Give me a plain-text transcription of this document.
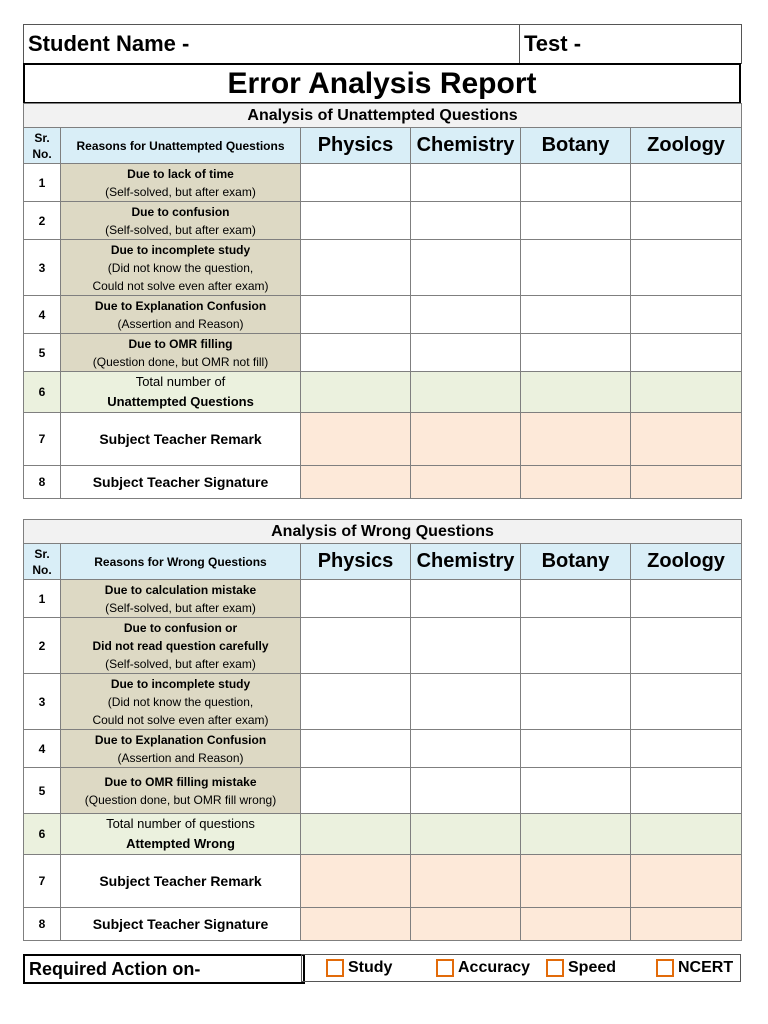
Student Name -	Test -
Error Analysis Report
Analysis of Unattempted Questions					
Sr. No.	Reasons for Unattempted Questions	Physics	Chemistry	Botany	Zoology
1	Due to lack of time
(Self-solved, but after exam)				
2	Due to confusion
(Self-solved, but after exam)				
3	Due to incomplete study
(Did not know the question,
Could not solve even after exam)				
4	Due to Explanation Confusion
(Assertion and Reason)				
5	Due to OMR filling
(Question done, but OMR not fill)				
6	Total number of
Unattempted Questions				
7	Subject Teacher Remark				
8	Subject Teacher Signature				
Analysis of Wrong Questions					
Sr. No.	Reasons for Wrong Questions	Physics	Chemistry	Botany	Zoology
1	Due to calculation mistake
(Self-solved, but after exam)				
2	Due to confusion or
Did not read question carefully
(Self-solved, but after exam)				
3	Due to incomplete study
(Did not know the question,
Could not solve even after exam)				
4	Due to Explanation Confusion
(Assertion and Reason)				
5	Due to OMR filling mistake
(Question done, but OMR fill wrong)				
6	Total number of questions
Attempted Wrong				
7	Subject Teacher Remark				
8	Subject Teacher Signature				
Required Action on-	Study	Accuracy Speed	NCERT
